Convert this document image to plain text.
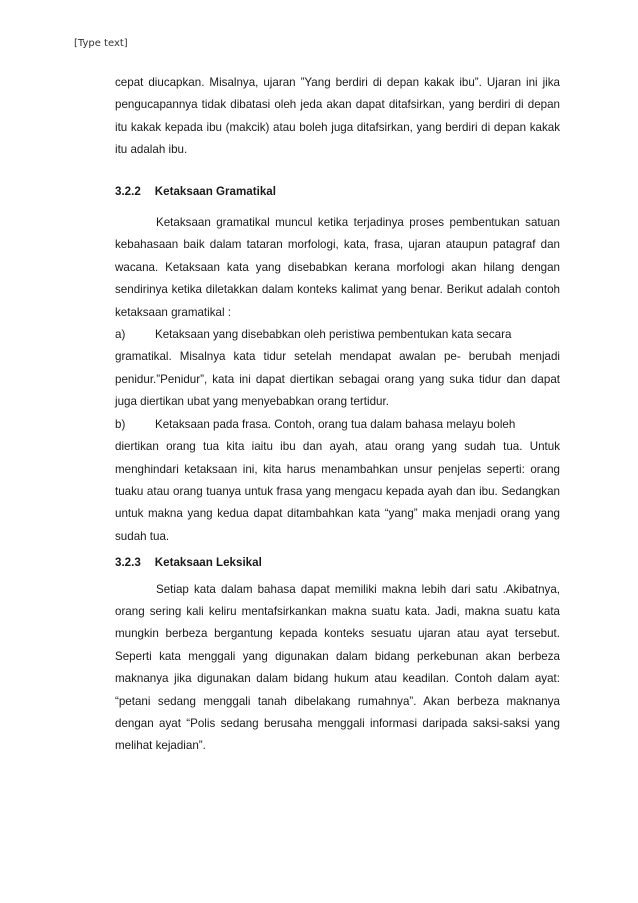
[Type text]

cepat diucapkan. Misalnya, ujaran ”Yang berdiri di depan kakak ibu”. Ujaran ini jika pengucapannya tidak dibatasi oleh jeda akan dapat ditafsirkan, yang berdiri di depan itu kakak kepada ibu (makcik) atau boleh juga ditafsirkan, yang berdiri di depan kakak itu adalah ibu.

3.2.2 Ketaksaan Gramatikal

Ketaksaan gramatikal muncul ketika terjadinya proses pembentukan satuan kebahasaan baik dalam tataran morfologi, kata, frasa, ujaran ataupun patagraf dan wacana. Ketaksaan kata yang disebabkan kerana morfologi akan hilang dengan sendirinya ketika diletakkan dalam konteks kalimat yang benar. Berikut adalah contoh ketaksaan gramatikal :

a)	Ketaksaan yang disebabkan oleh peristiwa pembentukan kata secara

gramatikal. Misalnya kata tidur setelah mendapat awalan pe- berubah menjadi penidur.”Penidur”, kata ini dapat diertikan sebagai orang yang suka tidur dan dapat juga diertikan ubat yang menyebabkan orang tertidur.

b)	Ketaksaan pada frasa. Contoh, orang tua dalam bahasa melayu boleh

diertikan orang tua kita iaitu ibu dan ayah, atau orang yang sudah tua. Untuk menghindari ketaksaan ini, kita harus menambahkan unsur penjelas seperti: orang tuaku atau orang tuanya untuk frasa yang mengacu kepada ayah dan ibu. Sedangkan untuk makna yang kedua dapat ditambahkan kata “yang” maka menjadi orang yang sudah tua.

3.2.3 Ketaksaan Leksikal

Setiap kata dalam bahasa dapat memiliki makna lebih dari satu .Akibatnya, orang sering kali keliru mentafsirkankan makna suatu kata. Jadi, makna suatu kata mungkin berbeza bergantung kepada konteks sesuatu ujaran atau ayat tersebut. Seperti kata menggali yang digunakan dalam bidang perkebunan akan berbeza maknanya jika digunakan dalam bidang hukum atau keadilan. Contoh dalam ayat: “petani sedang menggali tanah dibelakang rumahnya”. Akan berbeza maknanya dengan ayat “Polis sedang berusaha menggali informasi daripada saksi-saksi yang melihat kejadian”.
